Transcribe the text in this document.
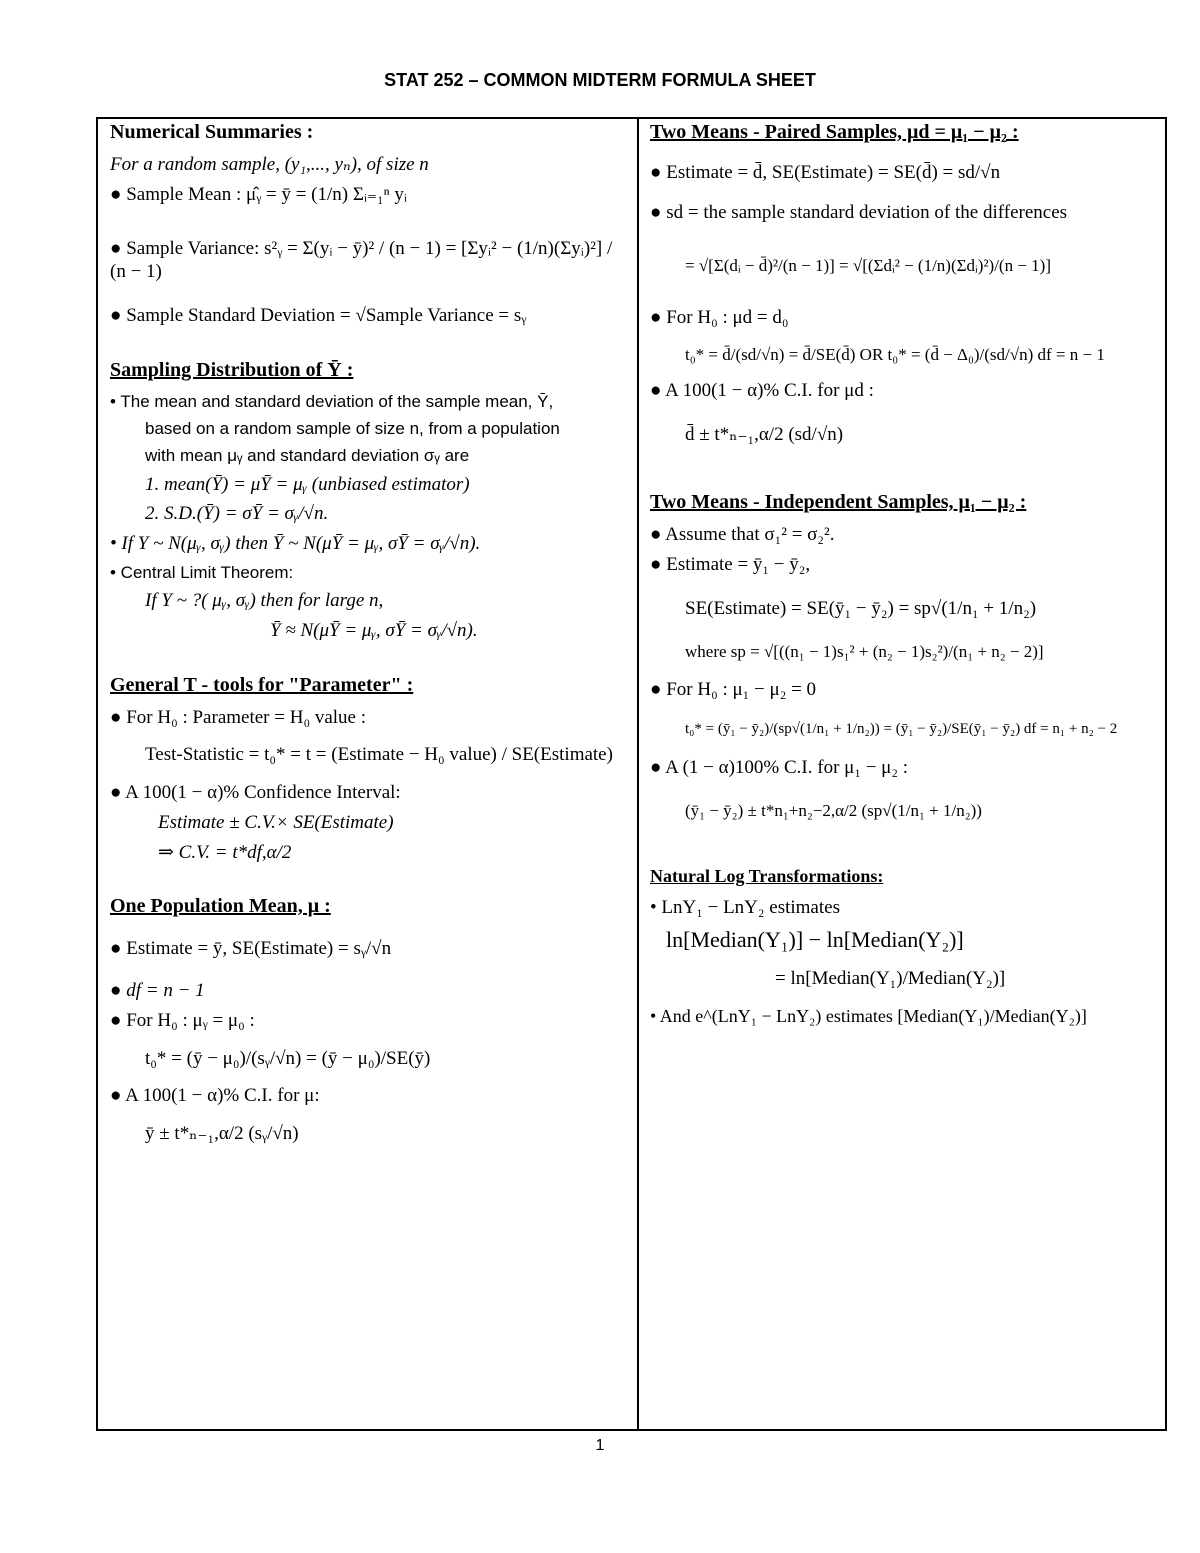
STAT 252 – COMMON MIDTERM FORMULA SHEET
Numerical Summaries :
For a random sample, (y₁,..., yₙ), of size n
● Sample Mean : μ̂ᵧ = ȳ = (1/n) Σᵢ₌₁ⁿ yᵢ
● Sample Variance: s²ᵧ = Σ(yᵢ − ȳ)² / (n − 1) = [Σyᵢ² − (1/n)(Σyᵢ)²] / (n − 1)
● Sample Standard Deviation = √Sample Variance = sᵧ
Sampling Distribution of Ȳ :
• The mean and standard deviation of the sample mean, Ȳ,
based on a random sample of size n, from a population
with mean μᵧ and standard deviation σᵧ are
1. mean(Ȳ) = μȲ = μᵧ (unbiased estimator)
2. S.D.(Ȳ) = σȲ = σᵧ/√n.
• If Y ~ N(μᵧ, σᵧ) then Ȳ ~ N(μȲ = μᵧ, σȲ = σᵧ/√n).
• Central Limit Theorem:
If Y ~ ?( μᵧ, σᵧ) then for large n,
Ȳ ≈ N(μȲ = μᵧ, σȲ = σᵧ/√n).
General T - tools for "Parameter" :
● For H₀ : Parameter = H₀ value :
Test-Statistic = t₀* = t = (Estimate − H₀ value) / SE(Estimate)
● A 100(1 − α)% Confidence Interval:
Estimate ± C.V.× SE(Estimate)
⇒ C.V. = t*df,α/2
One Population Mean, μ :
● Estimate = ȳ, SE(Estimate) = sᵧ/√n
● df = n − 1
● For H₀ : μᵧ = μ₀ :
t₀* = (ȳ − μ₀)/(sᵧ/√n) = (ȳ − μ₀)/SE(ȳ)
● A 100(1 − α)% C.I. for μ:
ȳ ± t*ₙ₋₁,α/2 (sᵧ/√n)
Two Means - Paired Samples, μd = μ₁ − μ₂ :
● Estimate = d̄, SE(Estimate) = SE(d̄) = sd/√n
● sd = the sample standard deviation of the differences
= √[Σ(dᵢ − d̄)²/(n − 1)] = √[(Σdᵢ² − (1/n)(Σdᵢ)²)/(n − 1)]
● For H₀ : μd = d₀
t₀* = d̄/(sd/√n) = d̄/SE(d̄) OR t₀* = (d̄ − Δ₀)/(sd/√n) df = n − 1
● A 100(1 − α)% C.I. for μd :
d̄ ± t*ₙ₋₁,α/2 (sd/√n)
Two Means - Independent Samples, μ₁ − μ₂ :
● Assume that σ₁² = σ₂².
● Estimate = ȳ₁ − ȳ₂,
SE(Estimate) = SE(ȳ₁ − ȳ₂) = sp√(1/n₁ + 1/n₂)
where sp = √[((n₁ − 1)s₁² + (n₂ − 1)s₂²)/(n₁ + n₂ − 2)]
● For H₀ : μ₁ − μ₂ = 0
t₀* = (ȳ₁ − ȳ₂)/(sp√(1/n₁ + 1/n₂)) = (ȳ₁ − ȳ₂)/SE(ȳ₁ − ȳ₂) df = n₁ + n₂ − 2
● A (1 − α)100% C.I. for μ₁ − μ₂ :
(ȳ₁ − ȳ₂) ± t*n₁+n₂−2,α/2 (sp√(1/n₁ + 1/n₂))
Natural Log Transformations:
• LnY₁ − LnY₂ estimates
ln[Median(Y₁)] − ln[Median(Y₂)]
= ln[Median(Y₁)/Median(Y₂)]
• And e^(LnY₁ − LnY₂) estimates [Median(Y₁)/Median(Y₂)]
1
